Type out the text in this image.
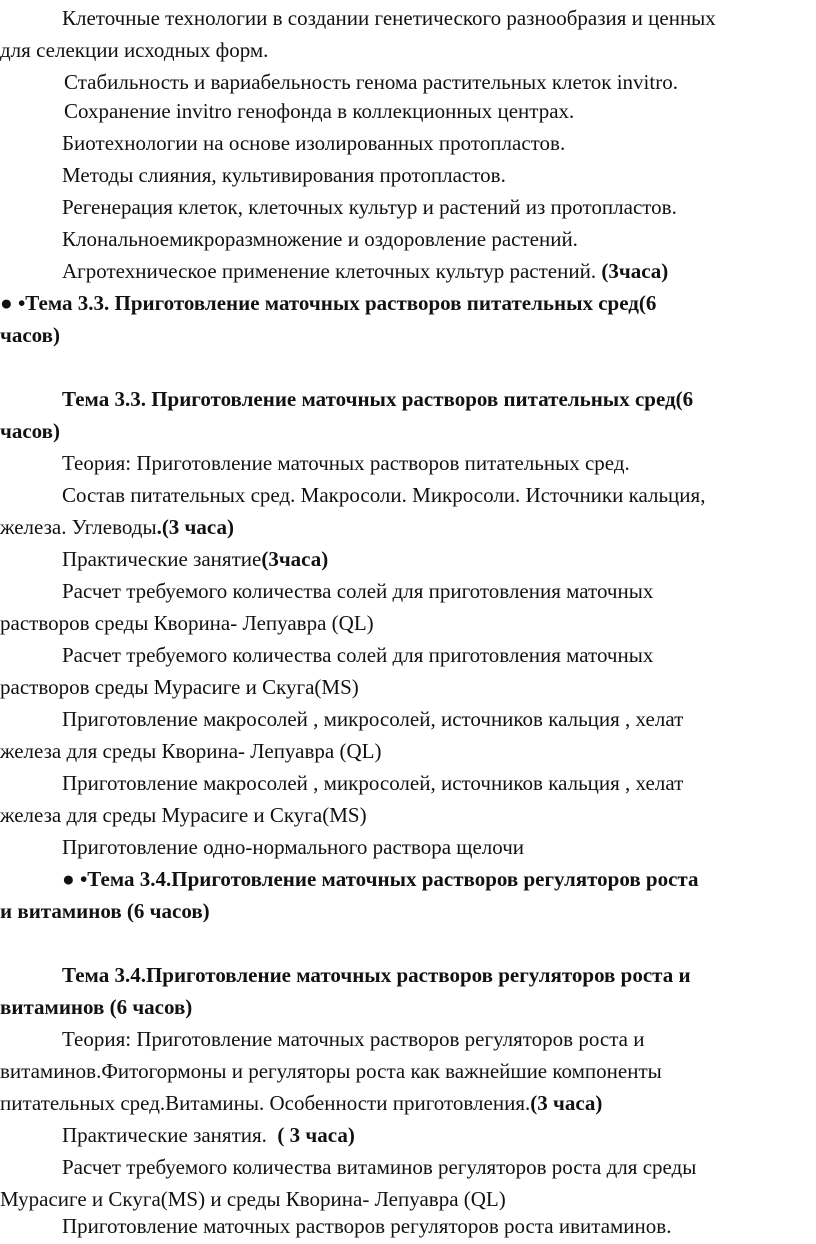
Клеточные технологии в создании генетического разнообразия и ценных
для селекции исходных форм.
Стабильность и вариабельность генома растительных клеток invitro.
Сохранение invitro генофонда в коллекционных центрах.
Биотехнологии на основе изолированных протопластов.
Методы слияния, культивирования протопластов.
Регенерация клеток, клеточных культур и растений из протопластов.
Клональноемикроразмножение и оздоровление растений.
Агротехническое применение клеточных культур растений. (3часа)
● •Тема 3.3. Приготовление маточных растворов питательных сред(6
часов)
Тема 3.3. Приготовление маточных растворов питательных сред(6
часов)
Теория: Приготовление маточных растворов питательных сред.
Состав питательных сред. Макросоли. Микросоли. Источники кальция,
железа. Углеводы.(3 часа)
Практические занятие(3часа)
Расчет требуемого количества солей для приготовления маточных
растворов среды Кворина- Лепуавра (QL)
Расчет требуемого количества солей для приготовления маточных
растворов среды Мурасиге и Скуга(MS)
Приготовление макросолей , микросолей, источников кальция , хелат
железа для среды Кворина- Лепуавра (QL)
Приготовление макросолей , микросолей, источников кальция , хелат
железа для среды Мурасиге и Скуга(MS)
Приготовление одно-нормального раствора щелочи
● •Тема 3.4.Приготовление маточных растворов регуляторов роста
и витаминов (6 часов)
Тема 3.4.Приготовление маточных растворов регуляторов роста и
витаминов (6 часов)
Теория: Приготовление маточных растворов регуляторов роста и
витаминов.Фитогормоны и регуляторы роста как важнейшие компоненты
питательных сред.Витамины. Особенности приготовления.(3 часа)
Практические занятия.  ( 3 часа)
Расчет требуемого количества витаминов регуляторов роста для среды
Мурасиге и Скуга(MS) и среды Кворина- Лепуавра (QL)
Приготовление маточных растворов регуляторов роста ивитаминов.
